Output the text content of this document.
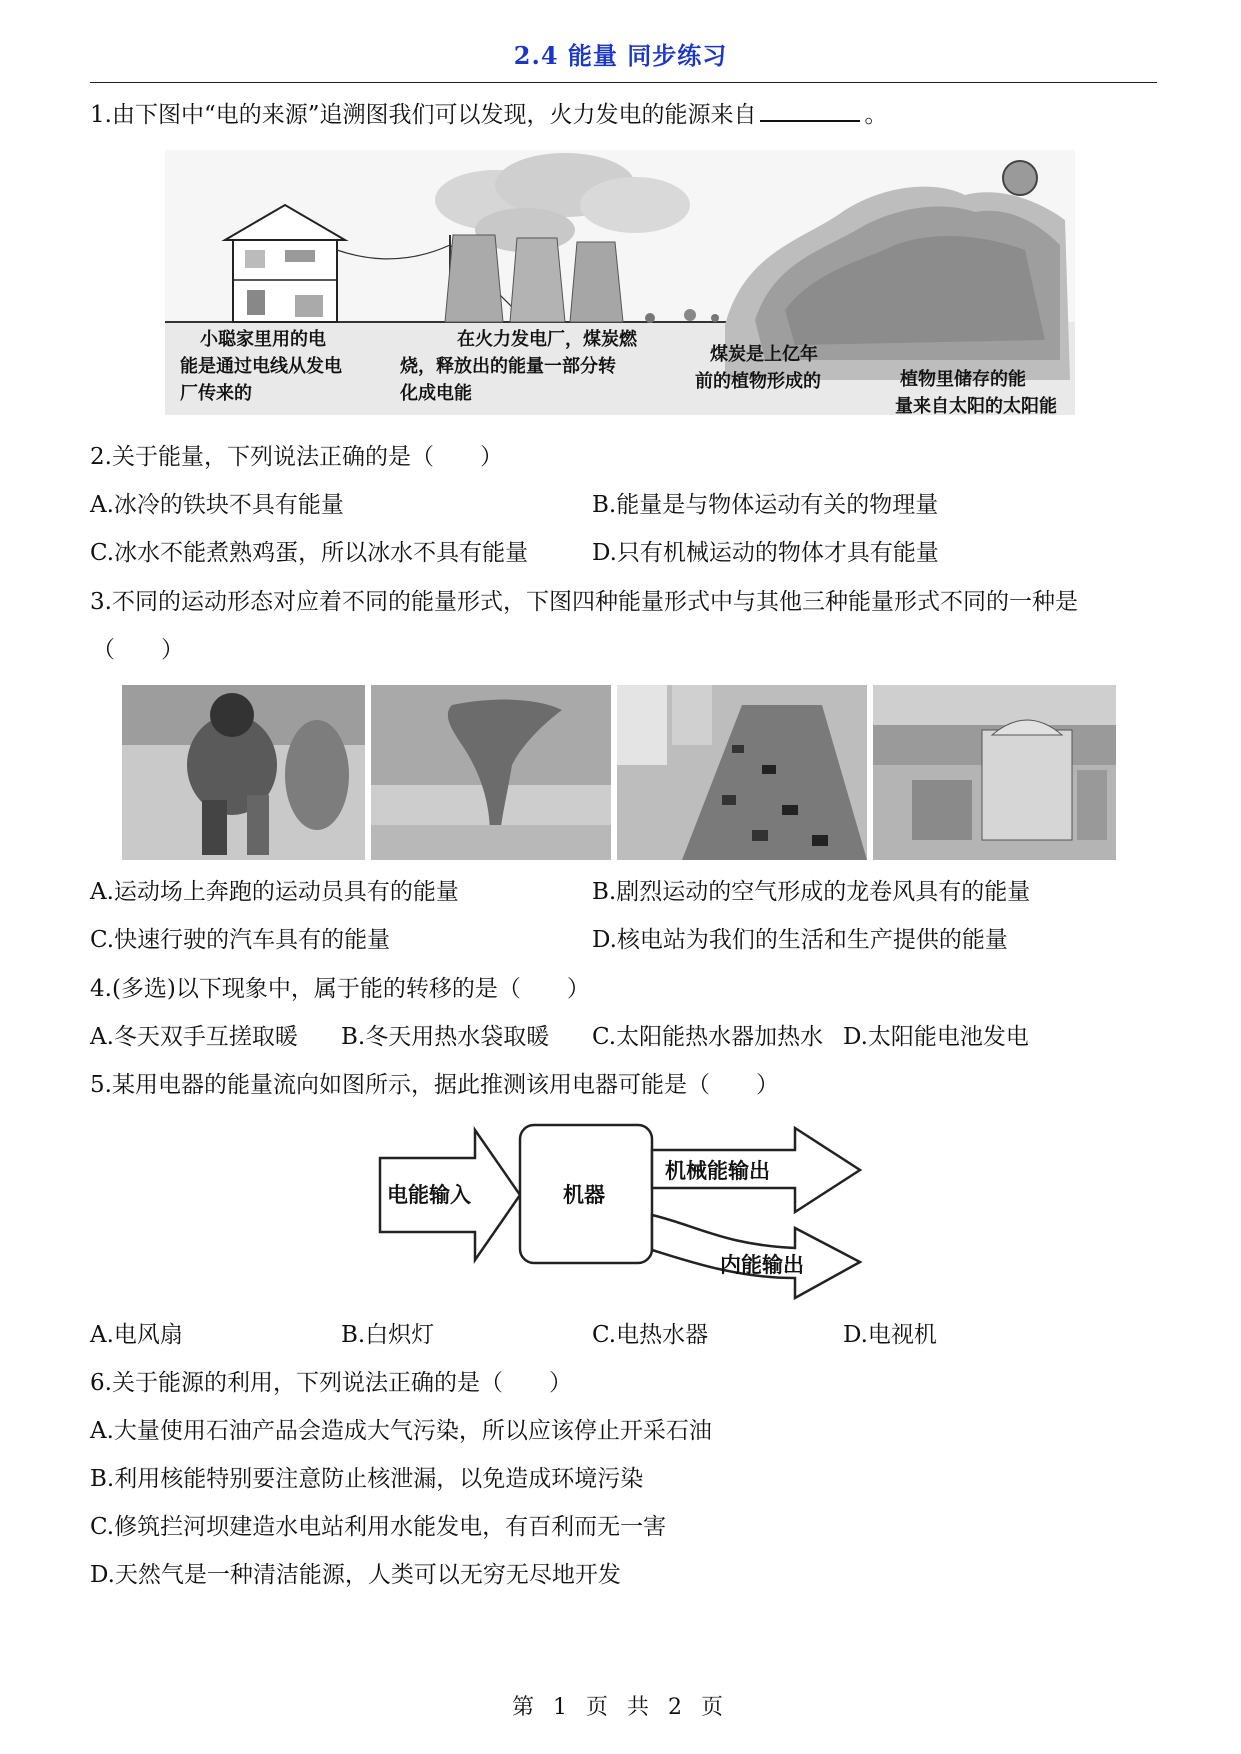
2.4 能量 同步练习
1.由下图中“电的来源”追溯图我们可以发现，火力发电的能源来自	。
小聪家里用的电
能是通过电线从发电
厂传来的
在火力发电厂，煤炭燃
烧，释放出的能量一部分转
化成电能
煤炭是上亿年
前的植物形成的	植物里储存的能
量来自太阳的太阳能
2.关于能量，下列说法正确的是（　　）
A.冰冷的铁块不具有能量	B.能量是与物体运动有关的物理量
C.冰水不能煮熟鸡蛋，所以冰水不具有能量	D.只有机械运动的物体才具有能量
3.不同的运动形态对应着不同的能量形式，下图四种能量形式中与其他三种能量形式不同的一种是
（　　）
A.运动场上奔跑的运动员具有的能量	B.剧烈运动的空气形成的龙卷风具有的能量
C.快速行驶的汽车具有的能量	D.核电站为我们的生活和生产提供的能量
4.(多选)以下现象中，属于能的转移的是（　　）
A.冬天双手互搓取暖 B.冬天用热水袋取暖 C.太阳能热水器加热水 D.太阳能电池发电
5.某用电器的能量流向如图所示，据此推测该用电器可能是（　　）
电能输入	机器
机械能输出
内能输出
A.电风扇	B.白炽灯	C.电热水器	D.电视机
6.关于能源的利用，下列说法正确的是（　　）
A.大量使用石油产品会造成大气污染，所以应该停止开采石油
B.利用核能特别要注意防止核泄漏，以免造成环境污染
C.修筑拦河坝建造水电站利用水能发电，有百利而无一害
D.天然气是一种清洁能源，人类可以无穷无尽地开发
第 1 页 共 2 页
